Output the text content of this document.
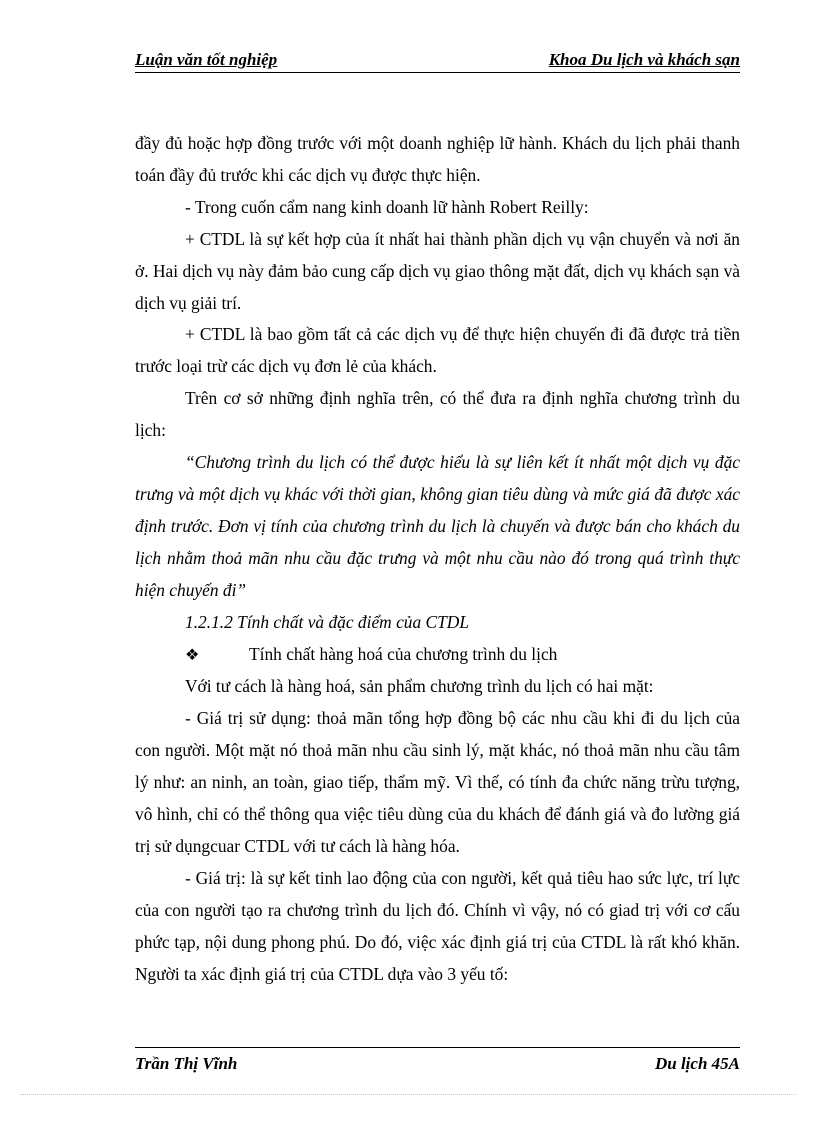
Luận văn tốt nghiệp	Khoa Du lịch và khách sạn

đầy đủ hoặc hợp đồng trước với một doanh nghiệp lữ hành. Khách du lịch phải thanh toán đầy đủ trước khi các dịch vụ được thực hiện.

- Trong cuốn cẩm nang kinh doanh lữ hành Robert Reilly:

+ CTDL là sự kết hợp của ít nhất hai thành phần dịch vụ vận chuyển và nơi ăn ở. Hai dịch vụ này đảm bảo cung cấp dịch vụ giao thông mặt đất, dịch vụ khách sạn và dịch vụ giải trí.

+ CTDL là bao gồm tất cả các dịch vụ để thực hiện chuyến đi đã được trả tiền trước loại trừ các dịch vụ đơn lẻ của khách.

Trên cơ sở những định nghĩa trên, có thể đưa ra định nghĩa chương trình du lịch:

“Chương trình du lịch có thể được hiểu là sự liên kết ít nhất một dịch vụ đặc trưng và một dịch vụ khác với thời gian, không gian tiêu dùng và mức giá đã được xác định trước. Đơn vị tính của chương trình du lịch là chuyến và được bán cho khách du lịch nhằm thoả mãn nhu cầu đặc trưng và một nhu cầu nào đó trong quá trình thực hiện chuyến đi”

1.2.1.2 Tính chất và đặc điểm của CTDL

❖	Tính chất hàng hoá của chương trình du lịch

Với tư cách là hàng hoá, sản phẩm chương trình du lịch có hai mặt:

- Giá trị sử dụng: thoả mãn tổng hợp đồng bộ các nhu cầu khi đi du lịch của con người. Một mặt nó thoả mãn nhu cầu sinh lý, mặt khác, nó thoả mãn nhu cầu tâm lý như: an ninh, an toàn, giao tiếp, thẩm mỹ. Vì thế, có tính đa chức năng trừu tượng, vô hình, chỉ có thể thông qua việc tiêu dùng của du khách để đánh giá và đo lường giá trị sử dụngcuar CTDL với tư cách là hàng hóa.

- Giá trị: là sự kết tinh lao động của con người, kết quả tiêu hao sức lực, trí lực của con người tạo ra chương trình du lịch đó. Chính vì vậy, nó có giad trị với cơ cấu phức tạp, nội dung phong phú. Do đó, việc xác định giá trị của CTDL là rất khó khăn. Người ta xác định giá trị của CTDL dựa vào 3 yếu tố:

Trần Thị Vĩnh	Du lịch 45A
